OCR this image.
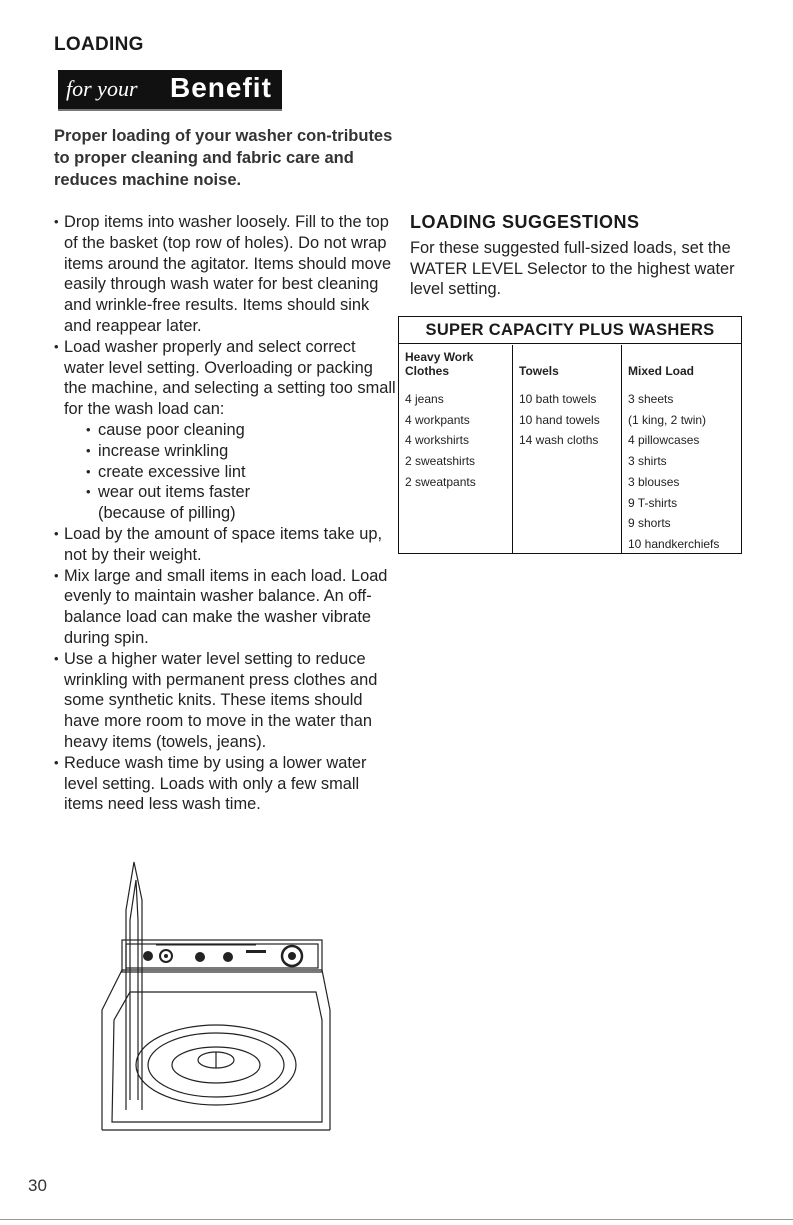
LOADING
for your Benefit
Proper loading of your washer con-tributes to proper cleaning and fabric care and reduces machine noise.
• Drop items into washer loosely. Fill to the top of the basket (top row of holes). Do not wrap items around the agitator. Items should move easily through wash water for best cleaning and wrinkle-free results. Items should sink and reappear later.
• Load washer properly and select correct water level setting. Overloading or packing the machine, and selecting a setting too small for the wash load can:
• cause poor cleaning
• increase wrinkling
• create excessive lint
• wear out items faster
(because of pilling)
• Load by the amount of space items take up, not by their weight.
• Mix large and small items in each load. Load evenly to maintain washer balance. An off-balance load can make the washer vibrate during spin.
• Use a higher water level setting to reduce wrinkling with permanent press clothes and some synthetic knits. These items should have more room to move in the water than heavy items (towels, jeans).
• Reduce wash time by using a lower water level setting. Loads with only a few small items need less wash time.
LOADING SUGGESTIONS
For these suggested full-sized loads, set the WATER LEVEL Selector to the highest water level setting.
SUPER CAPACITY PLUS WASHERS
Heavy Work Clothes
4 jeans
4 workpants
4 workshirts
2 sweatshirts
2 sweatpants
Towels
10 bath towels
10 hand towels
14 wash cloths
Mixed Load
3 sheets
(1 king, 2 twin)
4 pillowcases
3 shirts
3 blouses
9 T-shirts
9 shorts
10 handkerchiefs
30
